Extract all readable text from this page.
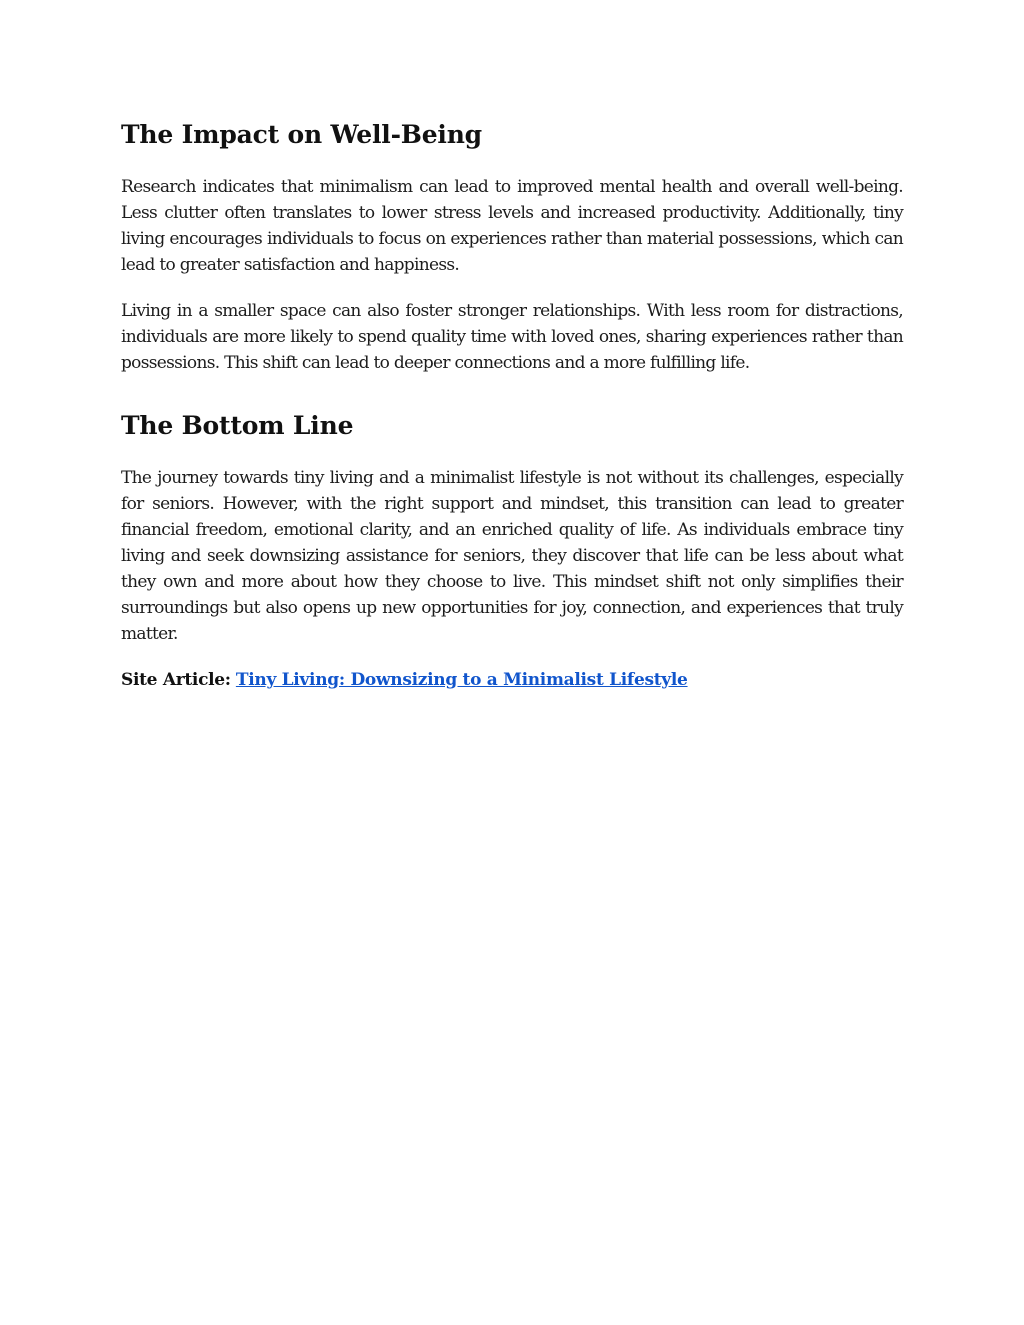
The Impact on Well-Being

Research indicates that minimalism can lead to improved mental health and overall well-being. Less clutter often translates to lower stress levels and increased productivity. Additionally, tiny living encourages individuals to focus on experiences rather than material possessions, which can lead to greater satisfaction and happiness.

Living in a smaller space can also foster stronger relationships. With less room for distractions, individuals are more likely to spend quality time with loved ones, sharing experiences rather than possessions. This shift can lead to deeper connections and a more fulfilling life.

The Bottom Line

The journey towards tiny living and a minimalist lifestyle is not without its challenges, especially for seniors. However, with the right support and mindset, this transition can lead to greater financial freedom, emotional clarity, and an enriched quality of life. As individuals embrace tiny living and seek downsizing assistance for seniors, they discover that life can be less about what they own and more about how they choose to live. This mindset shift not only simplifies their surroundings but also opens up new opportunities for joy, connection, and experiences that truly matter.

Site Article: Tiny Living: Downsizing to a Minimalist Lifestyle
